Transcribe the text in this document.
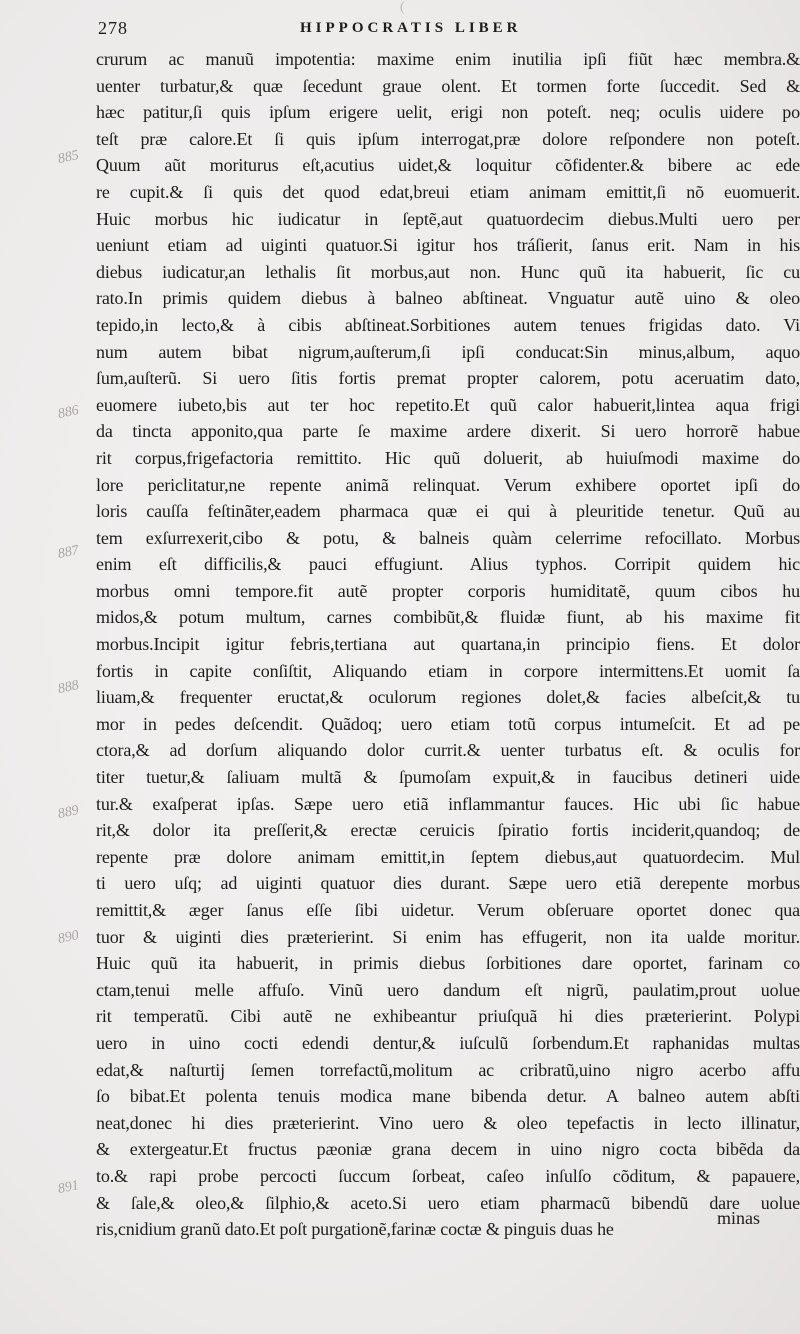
278	HIPPOCRATIS LIBER
(
crurum ac manuũ impotentia: maxime enim inutilia ipſi fiũt hæc membra.&
uenter turbatur,& quæ ſecedunt graue olent. Et tormen forte ſuccedit. Sed &
hæc patitur,ſi quis ipſum erigere uelit, erigi non poteſt. neq; oculis uidere po
teſt præ calore.Et ſi quis ipſum interrogat,præ dolore reſpondere non poteſt.
Quum aũt moriturus eſt,acutius uidet,& loquitur cõfidenter.& bibere ac ede
re cupit.& ſi quis det quod edat,breui etiam animam emittit,ſi nõ euomuerit.
Huic morbus hic iudicatur in ſeptẽ,aut quatuordecim diebus.Multi uero per
ueniunt etiam ad uiginti quatuor.Si igitur hos tráſierit, ſanus erit. Nam in his
diebus iudicatur,an lethalis ſit morbus,aut non. Hunc quũ ita habuerit, ſic cu
rato.In primis quidem diebus à balneo abſtineat. Vnguatur autẽ uino & oleo
tepido,in lecto,& à cibis abſtineat.Sorbitiones autem tenues frigidas dato. Vi
num autem bibat nigrum,auſterum,ſi ipſi conducat:Sin minus,album, aquo
ſum,auſterũ. Si uero ſitis fortis premat propter calorem, potu aceruatim dato,
euomere iubeto,bis aut ter hoc repetito.Et quũ calor habuerit,lintea aqua frigi
da tincta apponito,qua parte ſe maxime ardere dixerit. Si uero horrorẽ habue
rit corpus,frigefactoria remittito. Hic quũ doluerit, ab huiuſmodi maxime do
lore periclitatur,ne repente animã relinquat. Verum exhibere oportet ipſi do
loris cauſſa feſtinãter,eadem pharmaca quæ ei qui à pleuritide tenetur. Quũ au
tem exſurrexerit,cibo & potu, & balneis quàm celerrime refocillato. Morbus
enim eſt difficilis,& pauci effugiunt. Alius typhos. Corripit quidem hic
morbus omni tempore.fit autẽ propter corporis humiditatẽ, quum cibos hu
midos,& potum multum, carnes combibũt,& fluidæ fiunt, ab his maxime fit
morbus.Incipit igitur febris,tertiana aut quartana,in principio fiens. Et dolor
fortis in capite conſiſtit, Aliquando etiam in corpore intermittens.Et uomit ſa
liuam,& frequenter eructat,& oculorum regiones dolet,& facies albeſcit,& tu
mor in pedes deſcendit. Quãdoq; uero etiam totũ corpus intumeſcit. Et ad pe
ctora,& ad dorſum aliquando dolor currit.& uenter turbatus eſt. & oculis for
titer tuetur,& ſaliuam multã & ſpumoſam expuit,& in faucibus detineri uide
tur.& exaſperat ipſas. Sæpe uero etiã inflammantur fauces. Hic ubi ſic habue
rit,& dolor ita preſſerit,& erectæ ceruicis ſpiratio fortis inciderit,quandoq; de
repente præ dolore animam emittit,in ſeptem diebus,aut quatuordecim. Mul
ti uero uſq; ad uiginti quatuor dies durant. Sæpe uero etiã derepente morbus
remittit,& æger ſanus eſſe ſibi uidetur. Verum obſeruare oportet donec qua
tuor & uiginti dies præterierint. Si enim has effugerit, non ita ualde moritur.
Huic quũ ita habuerit, in primis diebus ſorbitiones dare oportet, farinam co
ctam,tenui melle affuſo. Vinũ uero dandum eſt nigrũ, paulatim,prout uolue
rit temperatũ. Cibi autẽ ne exhibeantur priuſquã hi dies præterierint. Polypi
uero in uino cocti edendi dentur,& iuſculũ ſorbendum.Et raphanidas multas
edat,& naſturtij ſemen torrefactũ,molitum ac cribratũ,uino nigro acerbo affu
ſo bibat.Et polenta tenuis modica mane bibenda detur. A balneo autem abſti
neat,donec hi dies præterierint. Vino uero & oleo tepefactis in lecto illinatur,
& extergeatur.Et fructus pæoniæ grana decem in uino nigro cocta bibẽda da
to.& rapi probe percocti ſuccum ſorbeat, caſeo inſulſo cõditum, & papauere,
& ſale,& oleo,& ſilphio,& aceto.Si uero etiam pharmacũ bibendũ dare uolue
ris,cnidium granũ dato.Et poſt purgationẽ,farinæ coctæ & pinguis duas he
minas
885
886
887
888
889
890
891
